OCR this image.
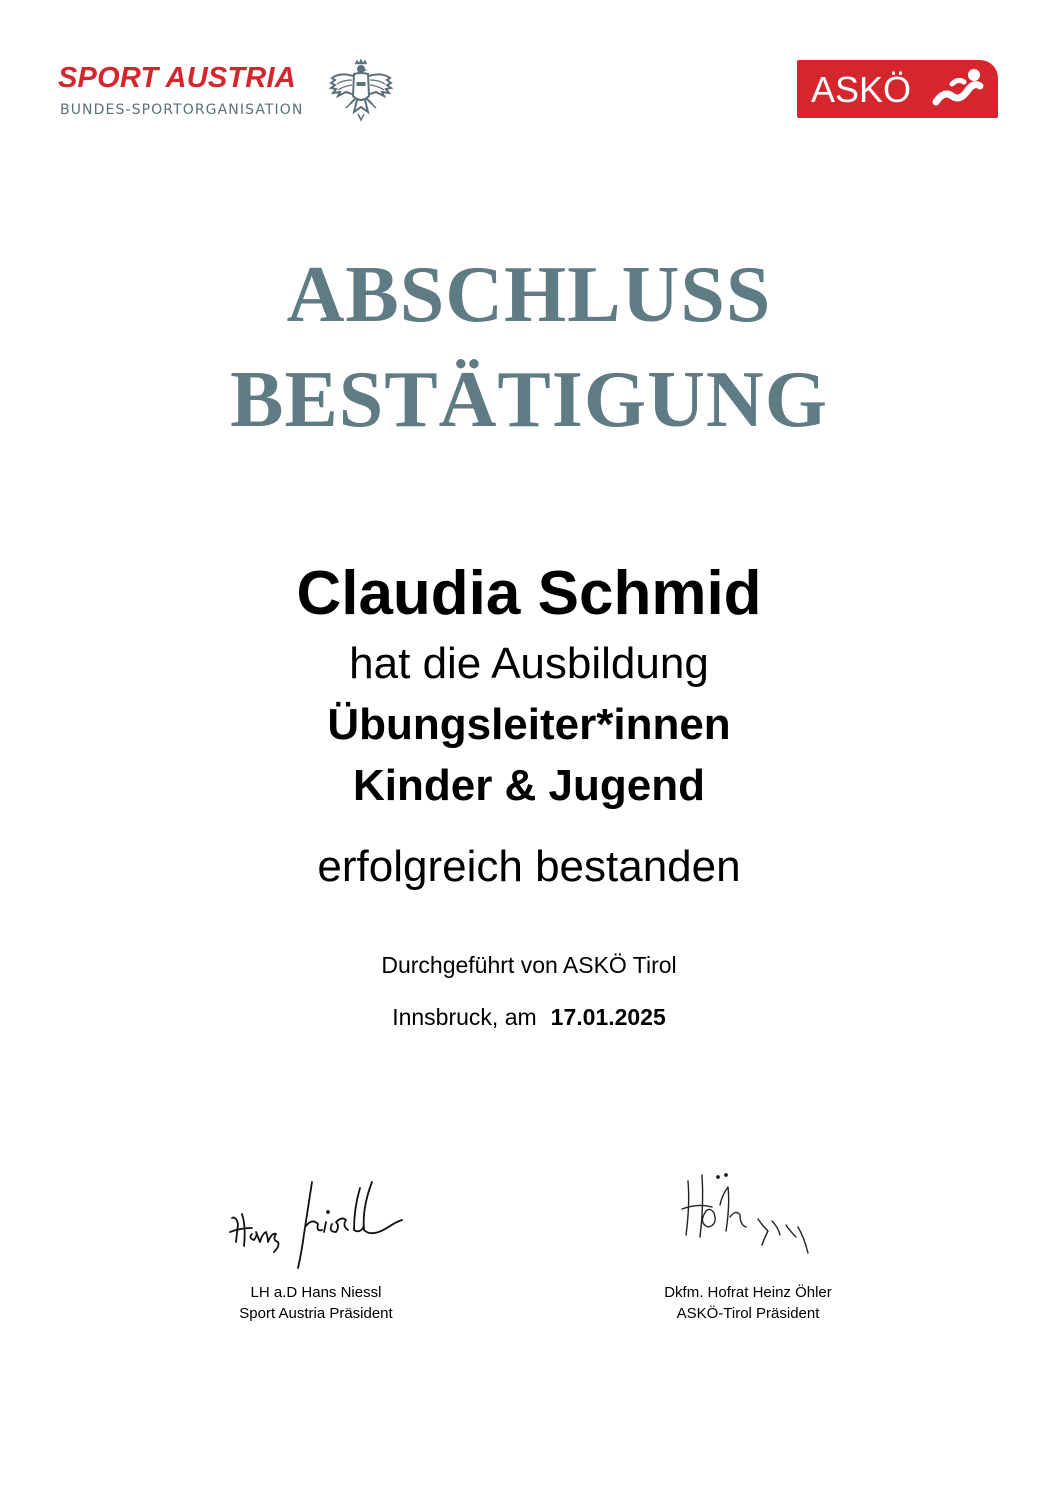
SPORT AUSTRIA
BUNDES-SPORTORGANISATION	ASKÖ
ABSCHLUSS
BESTÄTIGUNG
Claudia Schmid
hat die Ausbildung
Übungsleiter*innen
Kinder & Jugend
erfolgreich bestanden
Durchgeführt von ASKÖ Tirol
Innsbruck, am 17.01.2025
LH a.D Hans Niessl
Sport Austria Präsident
Dkfm. Hofrat Heinz Öhler
ASKÖ-Tirol Präsident
